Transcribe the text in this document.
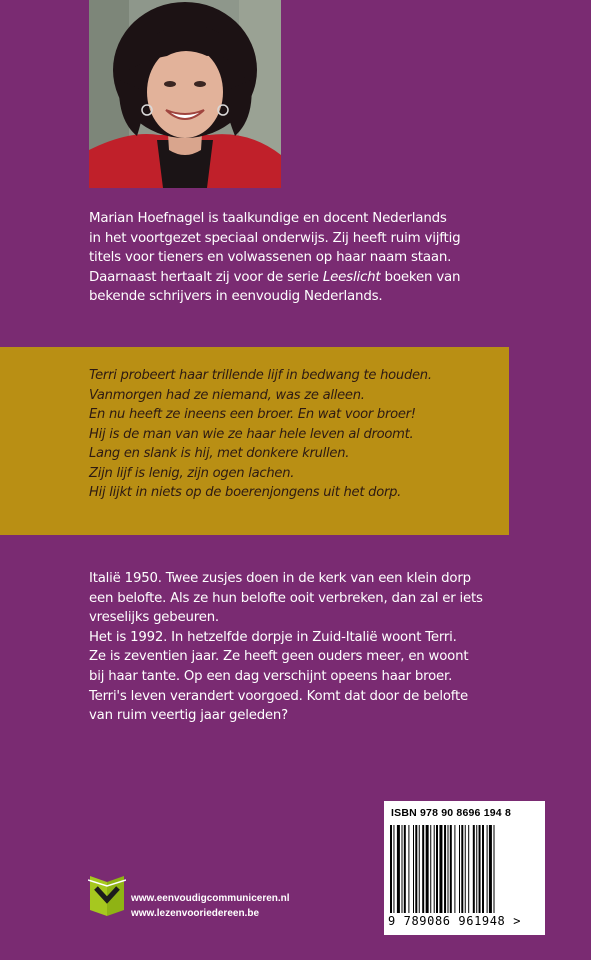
Marian Hoefnagel is taalkundige en docent Nederlands

in het voortgezet speciaal onderwijs. Zij heeft ruim vijftig

titels voor tieners en volwassenen op haar naam staan.

Daarnaast hertaalt zij voor de serie Leeslicht boeken van

bekende schrijvers in eenvoudig Nederlands.

Terri probeert haar trillende lijf in bedwang te houden.
Vanmorgen had ze niemand, was ze alleen.
En nu heeft ze ineens een broer. En wat voor broer!
Hij is de man van wie ze haar hele leven al droomt.
Lang en slank is hij, met donkere krullen.
Zijn lijf is lenig, zijn ogen lachen.
Hij lijkt in niets op de boerenjongens uit het dorp.
Italië 1950. Twee zusjes doen in de kerk van een klein dorp
een belofte. Als ze hun belofte ooit verbreken, dan zal er iets
vreselijks gebeuren.
Het is 1992. In hetzelfde dorpje in Zuid-Italië woont Terri.
Ze is zeventien jaar. Ze heeft geen ouders meer, en woont
bij haar tante. Op een dag verschijnt opeens haar broer.
Terri's leven verandert voorgoed. Komt dat door de belofte
van ruim veertig jaar geleden?
ISBN 978 90 8696 194 8
9 789086 961948 >
www.eenvoudigcommuniceren.nl
www.lezenvooriedereen.be
